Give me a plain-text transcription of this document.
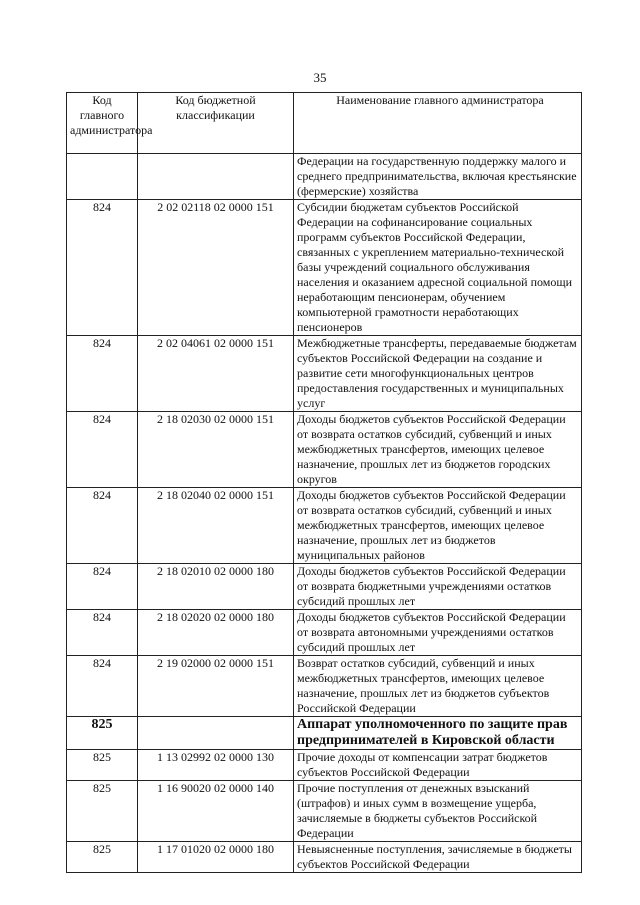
35
Код главного администратора	Код бюджетной классификации	Наименование главного администратора
		Федерации на государственную поддержку малого и среднего предпринимательства, включая крестьянские (фермерские) хозяйства
824	2 02 02118 02 0000 151	Субсидии бюджетам субъектов Российской Федерации на софинансирование социальных программ субъектов Российской Федерации, связанных с укреплением материально-технической базы учреждений социального обслуживания населения и оказанием адресной социальной помощи неработающим пенсионерам, обучением компьютерной грамотности неработающих пенсионеров
824	2 02 04061 02 0000 151	Межбюджетные трансферты, передаваемые бюджетам субъектов Российской Федерации на создание и развитие сети многофункциональных центров предоставления государственных и муниципальных услуг
824	2 18 02030 02 0000 151	Доходы бюджетов субъектов Российской Федерации от возврата остатков субсидий, субвенций и иных межбюджетных трансфертов, имеющих целевое назначение, прошлых лет из бюджетов городских округов
824	2 18 02040 02 0000 151	Доходы бюджетов субъектов Российской Федерации от возврата остатков субсидий, субвенций и иных межбюджетных трансфертов, имеющих целевое назначение, прошлых лет из бюджетов муниципальных районов
824	2 18 02010 02 0000 180	Доходы бюджетов субъектов Российской Федерации от возврата бюджетными учреждениями остатков субсидий прошлых лет
824	2 18 02020 02 0000 180	Доходы бюджетов субъектов Российской Федерации от возврата автономными учреждениями остатков субсидий прошлых лет
824	2 19 02000 02 0000 151	Возврат остатков субсидий, субвенций и иных межбюджетных трансфертов, имеющих целевое назначение, прошлых лет из бюджетов субъектов Российской Федерации
825		Аппарат уполномоченного по защите прав предпринимателей в Кировской области
825	1 13 02992 02 0000 130	Прочие доходы от компенсации затрат бюджетов субъектов Российской Федерации
825	1 16 90020 02 0000 140	Прочие поступления от денежных взысканий (штрафов) и иных сумм в возмещение ущерба, зачисляемые в бюджеты субъектов Российской Федерации
825	1 17 01020 02 0000 180	Невыясненные поступления, зачисляемые в бюджеты субъектов Российской Федерации
